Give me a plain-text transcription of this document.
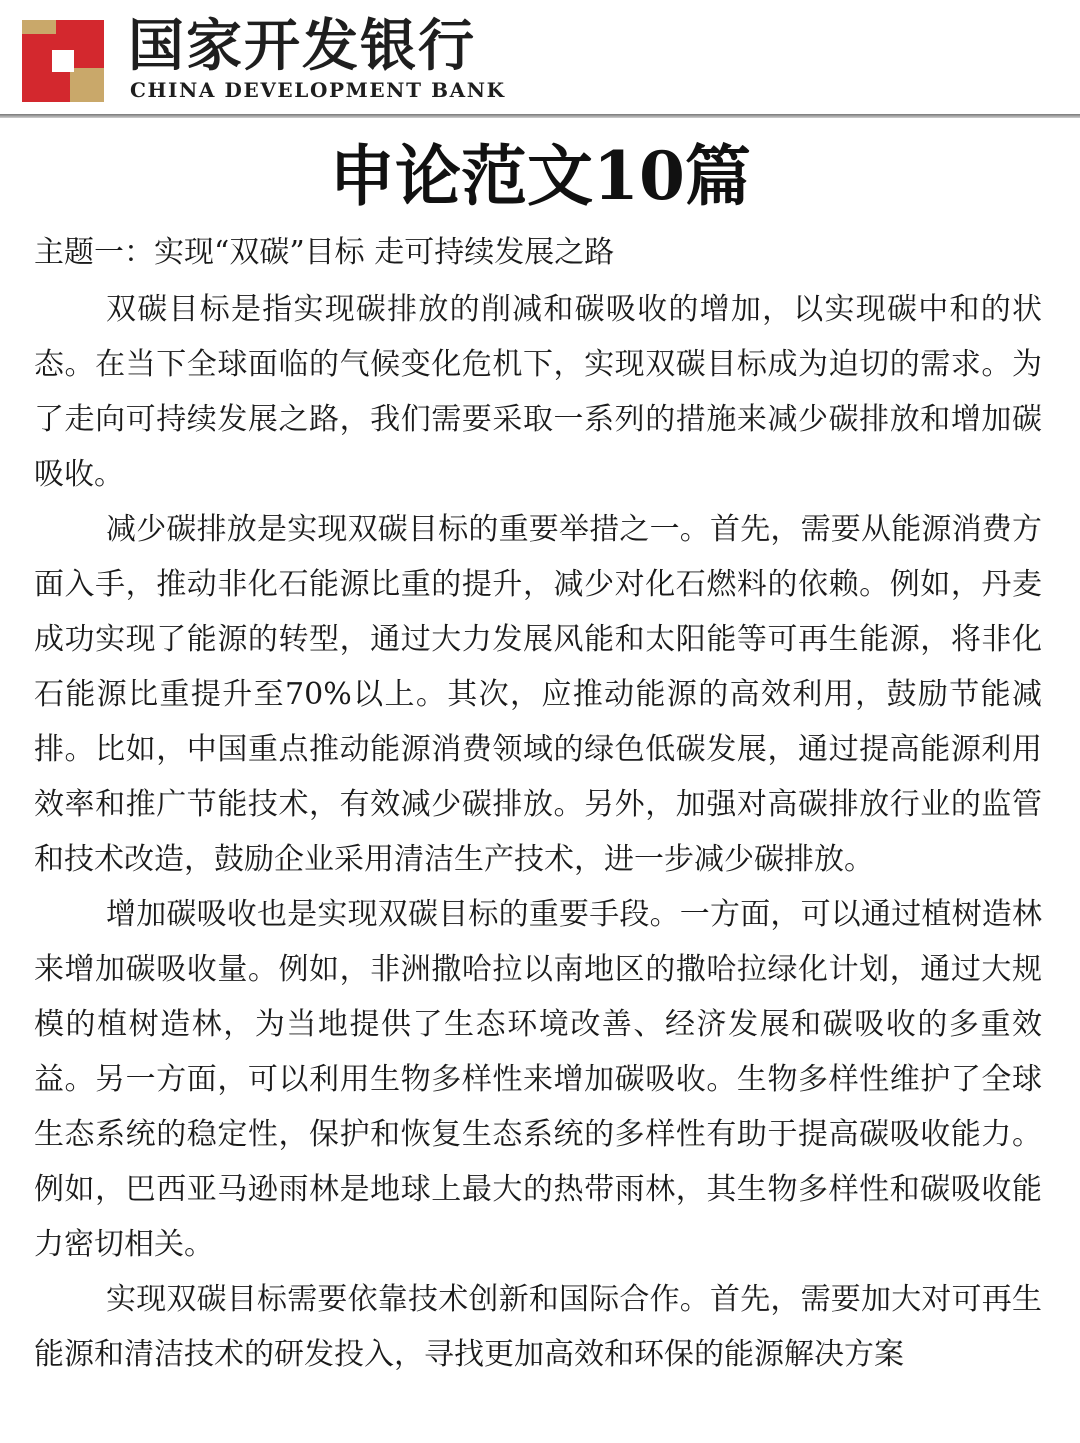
国家开发银行
CHINA DEVELOPMENT BANK
申论范文10篇
主题一：实现“双碳”目标 走可持续发展之路

双碳目标是指实现碳排放的削减和碳吸收的增加，以实现碳中和的状态。在当下全球面临的气候变化危机下，实现双碳目标成为迫切的需求。为了走向可持续发展之路，我们需要采取一系列的措施来减少碳排放和增加碳吸收。

减少碳排放是实现双碳目标的重要举措之一。首先，需要从能源消费方面入手，推动非化石能源比重的提升，减少对化石燃料的依赖。例如，丹麦成功实现了能源的转型，通过大力发展风能和太阳能等可再生能源，将非化石能源比重提升至70%以上。其次，应推动能源的高效利用，鼓励节能减排。比如，中国重点推动能源消费领域的绿色低碳发展，通过提高能源利用效率和推广节能技术，有效减少碳排放。另外，加强对高碳排放行业的监管和技术改造，鼓励企业采用清洁生产技术，进一步减少碳排放。

增加碳吸收也是实现双碳目标的重要手段。一方面，可以通过植树造林来增加碳吸收量。例如，非洲撒哈拉以南地区的撒哈拉绿化计划，通过大规模的植树造林，为当地提供了生态环境改善、经济发展和碳吸收的多重效益。另一方面，可以利用生物多样性来增加碳吸收。生物多样性维护了全球生态系统的稳定性，保护和恢复生态系统的多样性有助于提高碳吸收能力。例如，巴西亚马逊雨林是地球上最大的热带雨林，其生物多样性和碳吸收能力密切相关。

实现双碳目标需要依靠技术创新和国际合作。首先，需要加大对可再生能源和清洁技术的研发投入，寻找更加高效和环保的能源解决方案
